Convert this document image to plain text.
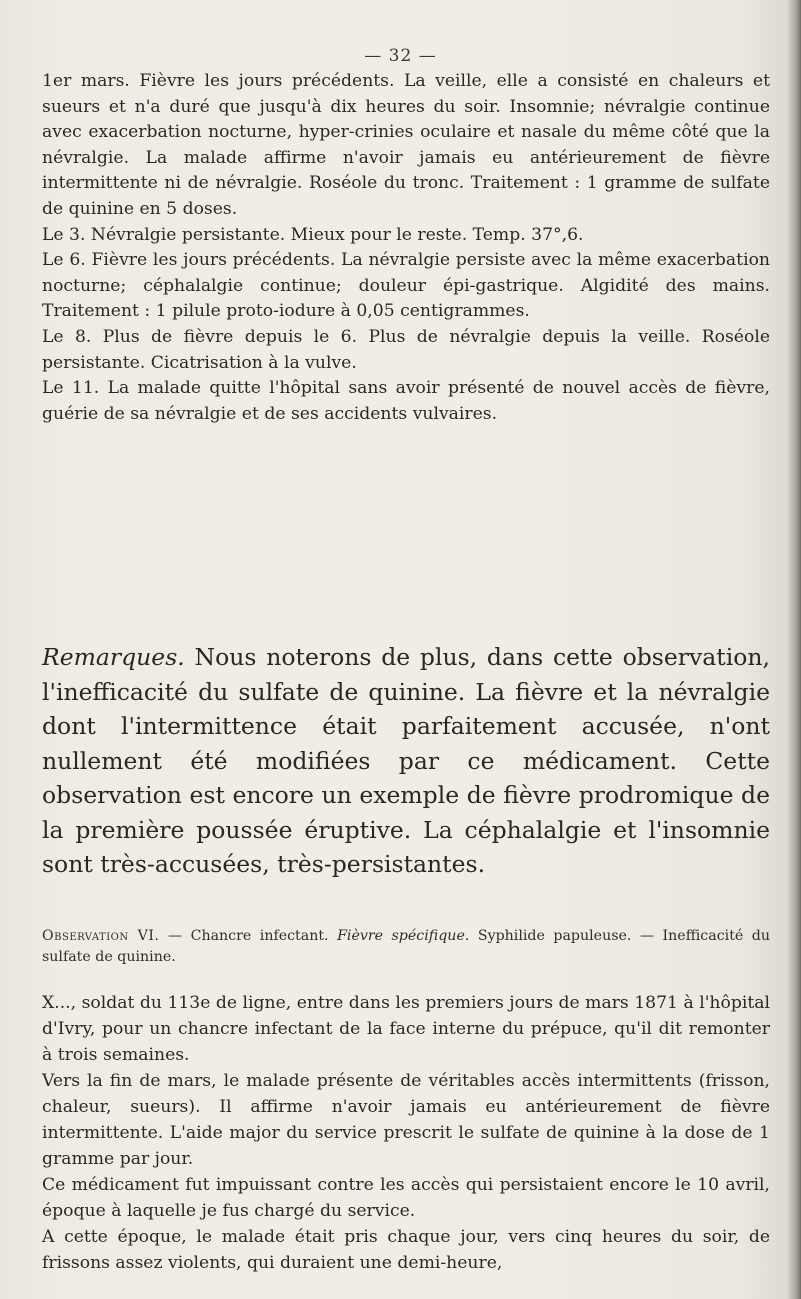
— 32 —

1er mars. Fièvre les jours précédents. La veille, elle a consisté en chaleurs et sueurs et n'a duré que jusqu'à dix heures du soir. Insomnie; névralgie continue avec exacerbation nocturne, hyper-crinies oculaire et nasale du même côté que la névralgie. La malade affirme n'avoir jamais eu antérieurement de fièvre intermittente ni de névralgie. Roséole du tronc. Traitement : 1 gramme de sulfate de quinine en 5 doses.

Le 3. Névralgie persistante. Mieux pour le reste. Temp. 37°,6.

Le 6. Fièvre les jours précédents. La névralgie persiste avec la même exacerbation nocturne; céphalalgie continue; douleur épi-gastrique. Algidité des mains. Traitement : 1 pilule proto-iodure à 0,05 centigrammes.

Le 8. Plus de fièvre depuis le 6. Plus de névralgie depuis la veille. Roséole persistante. Cicatrisation à la vulve.

Le 11. La malade quitte l'hôpital sans avoir présenté de nouvel accès de fièvre, guérie de sa névralgie et de ses accidents vulvaires.

Remarques. Nous noterons de plus, dans cette observation, l'inefficacité du sulfate de quinine. La fièvre et la névralgie dont l'intermittence était parfaitement accusée, n'ont nullement été modifiées par ce médicament. Cette observation est encore un exemple de fièvre prodromique de la première poussée éruptive. La céphalalgie et l'insomnie sont très-accusées, très-persistantes.
Observation VI. — Chancre infectant. Fièvre spécifique. Syphilide papuleuse. — Inefficacité du sulfate de quinine.

X..., soldat du 113e de ligne, entre dans les premiers jours de mars 1871 à l'hôpital d'Ivry, pour un chancre infectant de la face interne du prépuce, qu'il dit remonter à trois semaines.

Vers la fin de mars, le malade présente de véritables accès intermittents (frisson, chaleur, sueurs). Il affirme n'avoir jamais eu antérieurement de fièvre intermittente. L'aide major du service prescrit le sulfate de quinine à la dose de 1 gramme par jour.

Ce médicament fut impuissant contre les accès qui persistaient encore le 10 avril, époque à laquelle je fus chargé du service.

A cette époque, le malade était pris chaque jour, vers cinq heures du soir, de frissons assez violents, qui duraient une demi-heure,
